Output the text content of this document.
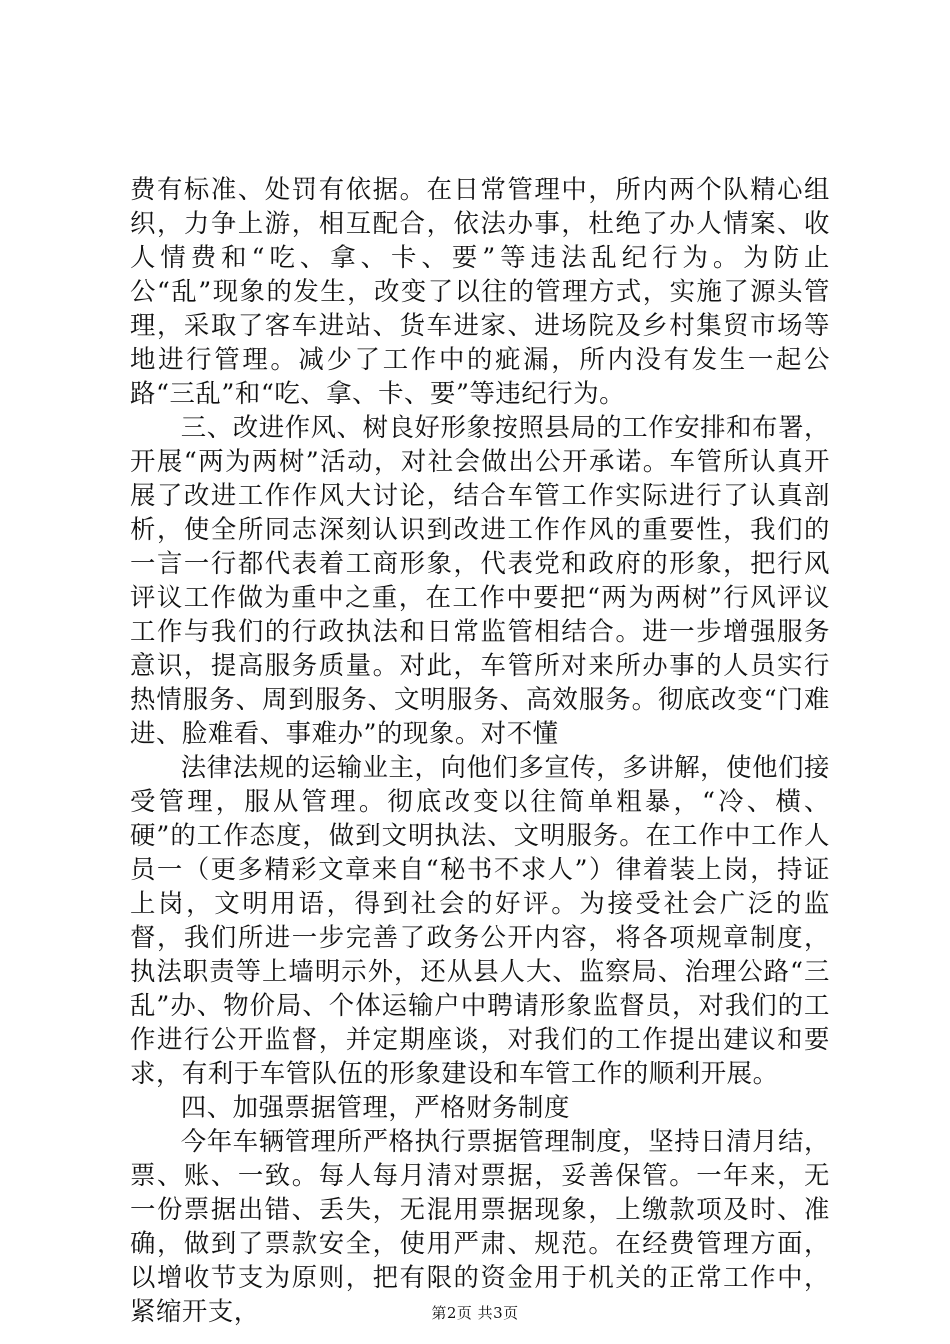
费有标准、处罚有依据。在日常管理中，所内两个队精心组织，力争上游，相互配合，依法办事，杜绝了办人情案、收人情费和“吃、拿、卡、要”等违法乱纪行为。为防止公“乱”现象的发生，改变了以往的管理方式，实施了源头管理，采取了客车进站、货车进家、进场院及乡村集贸市场等地进行管理。减少了工作中的疵漏，所内没有发生一起公路“三乱”和“吃、拿、卡、要”等违纪行为。

三、改进作风、树良好形象按照县局的工作安排和布署，开展“两为两树”活动，对社会做出公开承诺。车管所认真开展了改进工作作风大讨论，结合车管工作实际进行了认真剖析，使全所同志深刻认识到改进工作作风的重要性，我们的一言一行都代表着工商形象，代表党和政府的形象，把行风评议工作做为重中之重，在工作中要把“两为两树”行风评议工作与我们的行政执法和日常监管相结合。进一步增强服务意识，提高服务质量。对此，车管所对来所办事的人员实行热情服务、周到服务、文明服务、高效服务。彻底改变“门难进、脸难看、事难办”的现象。对不懂

法律法规的运输业主，向他们多宣传，多讲解，使他们接受管理，服从管理。彻底改变以往简单粗暴，“冷、横、硬”的工作态度，做到文明执法、文明服务。在工作中工作人员一（更多精彩文章来自“秘书不求人”）律着装上岗，持证上岗，文明用语，得到社会的好评。为接受社会广泛的监督，我们所进一步完善了政务公开内容，将各项规章制度，执法职责等上墙明示外，还从县人大、监察局、治理公路“三乱”办、物价局、个体运输户中聘请形象监督员，对我们的工作进行公开监督，并定期座谈，对我们的工作提出建议和要求，有利于车管队伍的形象建设和车管工作的顺利开展。

四、加强票据管理，严格财务制度

今年车辆管理所严格执行票据管理制度，坚持日清月结，票、账、一致。每人每月清对票据，妥善保管。一年来，无一份票据出错、丢失，无混用票据现象，上缴款项及时、准确，做到了票款安全，使用严肃、规范。在经费管理方面，以增收节支为原则，把有限的资金用于机关的正常工作中，紧缩开支，	第2页 共3页
